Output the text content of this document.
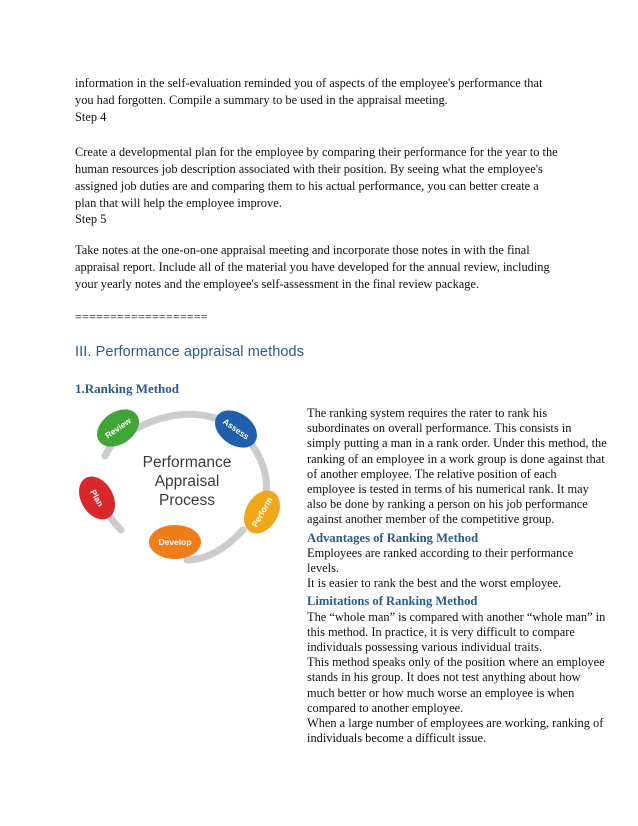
information in the self-evaluation reminded you of aspects of the employee's performance that
you had forgotten. Compile a summary to be used in the appraisal meeting.
Step 4
Create a developmental plan for the employee by comparing their performance for the year to the
human resources job description associated with their position. By seeing what the employee's
assigned job duties are and comparing them to his actual performance, you can better create a
plan that will help the employee improve.
Step 5
Take notes at the one-on-one appraisal meeting and incorporate those notes in with the final
appraisal report. Include all of the material you have developed for the annual review, including
your yearly notes and the employee's self-assessment in the final review package.
===================
III. Performance appraisal methods
1.Ranking Method
Review	Assess
Perform
Develop
Plan
Performance
Appraisal
Process

The ranking system requires the rater to rank his subordinates on overall performance. This consists in simply putting a man in a rank order. Under this method, the ranking of an employee in a work group is done against that of another employee. The relative position of each employee is tested in terms of his numerical rank. It may also be done by ranking a person on his job performance against another member of the competitive group.

Advantages of Ranking Method

Employees are ranked according to their performance levels.

It is easier to rank the best and the worst employee.

Limitations of Ranking Method

The “whole man” is compared with another “whole man” in this method. In practice, it is very difficult to compare individuals possessing various individual traits.

This method speaks only of the position where an employee stands in his group. It does not test anything about how much better or how much worse an employee is when compared to another employee.

When a large number of employees are working, ranking of individuals become a difficult issue.
